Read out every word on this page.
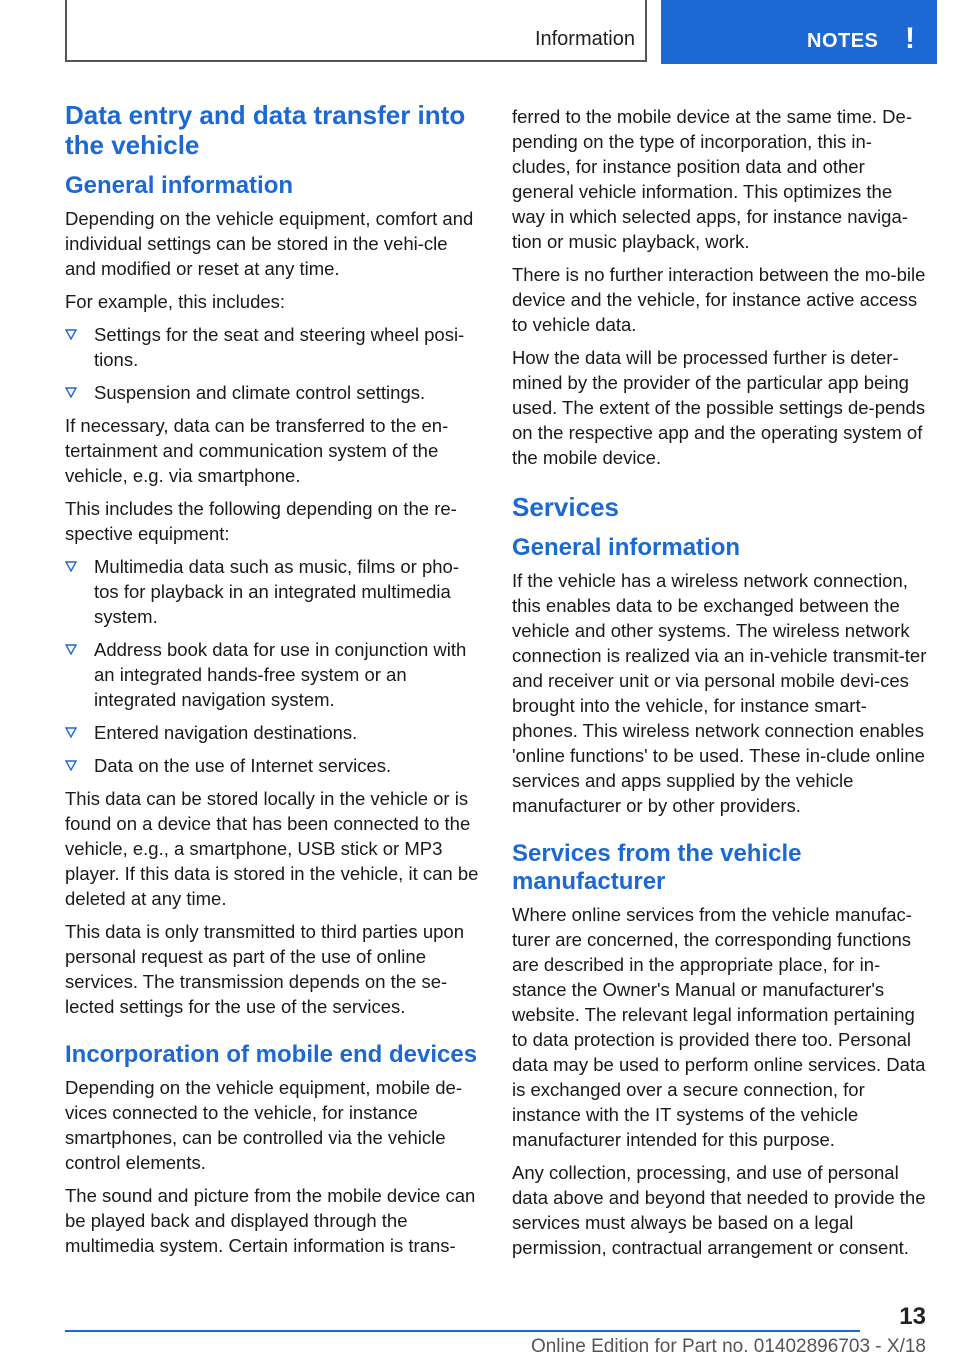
Information	NOTES !
Data entry and data transfer into the vehicle
General information

Depending on the vehicle equipment, comfort and individual settings can be stored in the vehi‐cle and modified or reset at any time.

For example, this includes:

Settings for the seat and steering wheel posi‐tions.
Suspension and climate control settings.

If necessary, data can be transferred to the en‐tertainment and communication system of the vehicle, e.g. via smartphone.

This includes the following depending on the re‐spective equipment:

Multimedia data such as music, films or pho‐tos for playback in an integrated multimedia system.
Address book data for use in conjunction with an integrated hands-free system or an integrated navigation system.
Entered navigation destinations.
Data on the use of Internet services.

This data can be stored locally in the vehicle or is found on a device that has been connected to the vehicle, e.g., a smartphone, USB stick or MP3 player. If this data is stored in the vehicle, it can be deleted at any time.

This data is only transmitted to third parties upon personal request as part of the use of online services. The transmission depends on the se‐lected settings for the use of the services.

Incorporation of mobile end devices

Depending on the vehicle equipment, mobile de‐vices connected to the vehicle, for instance smartphones, can be controlled via the vehicle control elements.

The sound and picture from the mobile device can be played back and displayed through the multimedia system. Certain information is trans‐

ferred to the mobile device at the same time. De‐pending on the type of incorporation, this in‐cludes, for instance position data and other general vehicle information. This optimizes the way in which selected apps, for instance naviga‐tion or music playback, work.

There is no further interaction between the mo‐bile device and the vehicle, for instance active access to vehicle data.

How the data will be processed further is deter‐mined by the provider of the particular app being used. The extent of the possible settings de‐pends on the respective app and the operating system of the mobile device.

Services
General information

If the vehicle has a wireless network connection, this enables data to be exchanged between the vehicle and other systems. The wireless network connection is realized via an in-vehicle transmit‐ter and receiver unit or via personal mobile devi‐ces brought into the vehicle, for instance smart‐phones. This wireless network connection enables 'online functions' to be used. These in‐clude online services and apps supplied by the vehicle manufacturer or by other providers.

Services from the vehicle manufacturer

Where online services from the vehicle manufac‐turer are concerned, the corresponding functions are described in the appropriate place, for in‐stance the Owner's Manual or manufacturer's website. The relevant legal information pertaining to data protection is provided there too. Personal data may be used to perform online services. Data is exchanged over a secure connection, for instance with the IT systems of the vehicle manufacturer intended for this purpose.

Any collection, processing, and use of personal data above and beyond that needed to provide the services must always be based on a legal permission, contractual arrangement or consent.

13
Online Edition for Part no. 01402896703 - X/18
